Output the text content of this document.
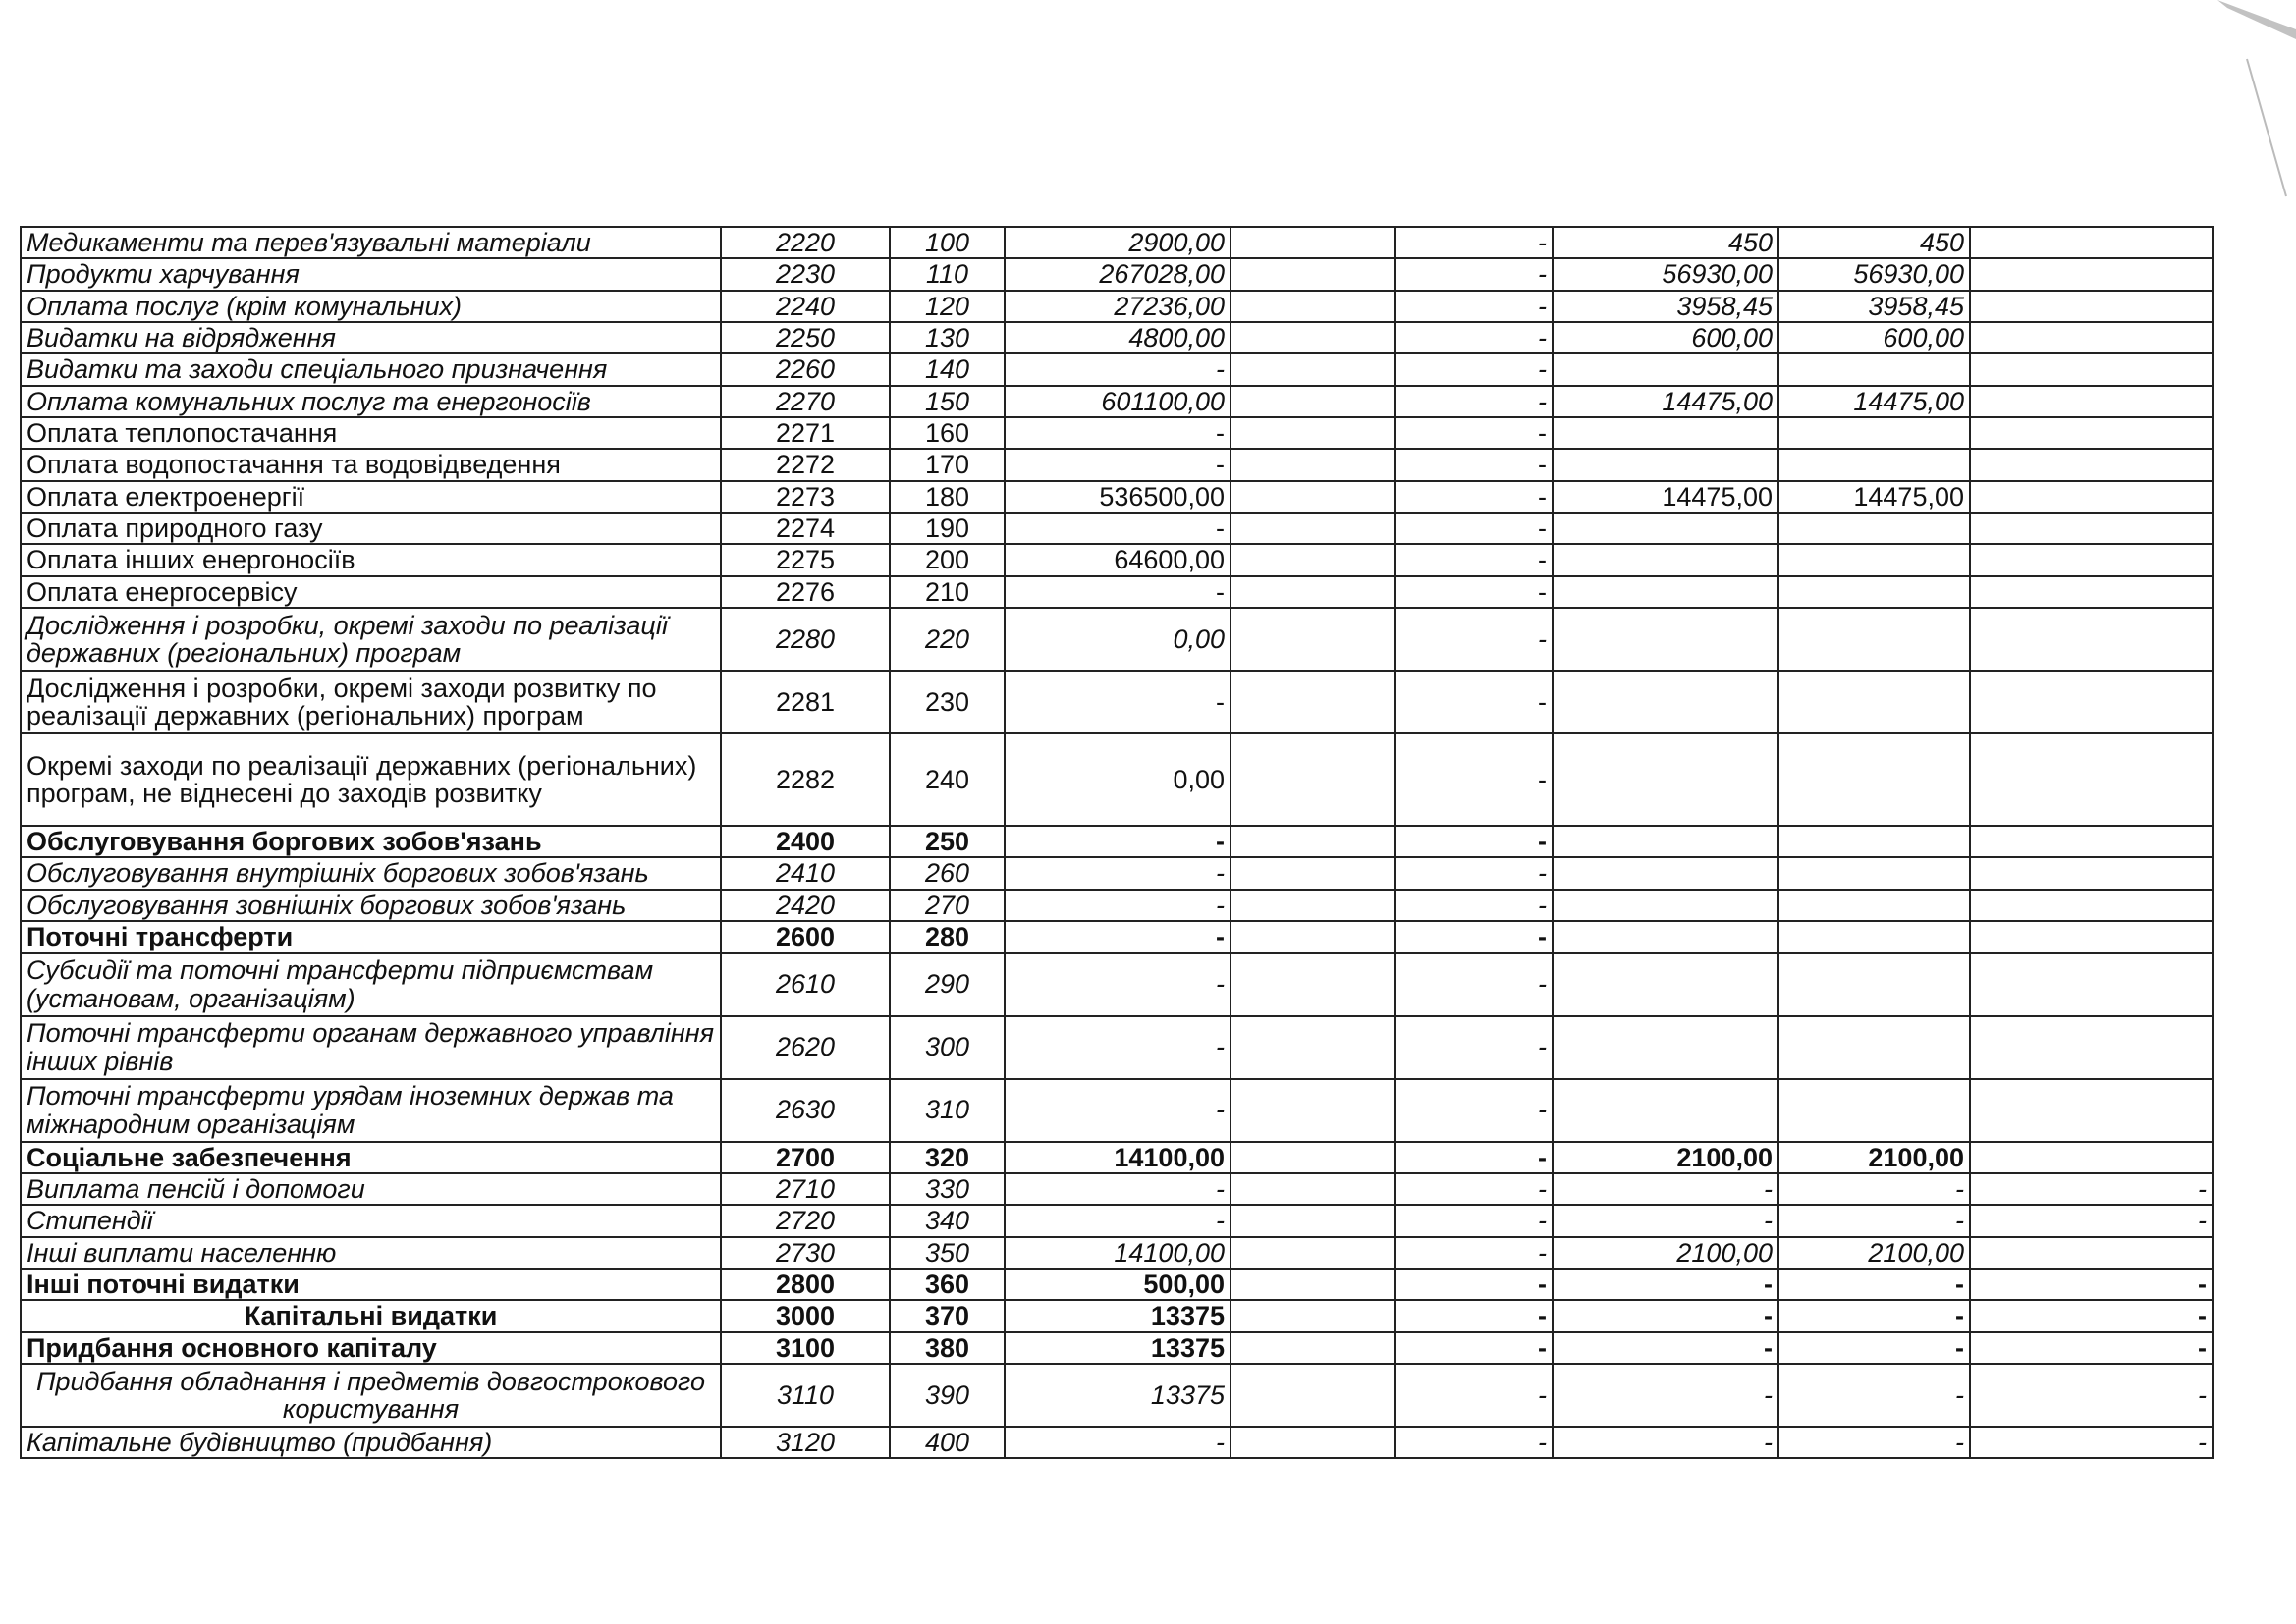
Медикаменти та перев'язувальні матеріали	2220	100	2900,00		-	450	450	
Продукти харчування	2230	110	267028,00		-	56930,00	56930,00	
Оплата послуг (крім комунальних)	2240	120	27236,00		-	3958,45	3958,45	
Видатки на відрядження	2250	130	4800,00		-	600,00	600,00	
Видатки та заходи спеціального призначення	2260	140	-		-			
Оплата комунальних послуг та енергоносіїв	2270	150	601100,00		-	14475,00	14475,00	
Оплата теплопостачання	2271	160	-		-			
Оплата водопостачання та водовідведення	2272	170	-		-			
Оплата електроенергії	2273	180	536500,00		-	14475,00	14475,00	
Оплата природного газу	2274	190	-		-			
Оплата інших енергоносіїв	2275	200	64600,00		-			
Оплата енергосервісу	2276	210	-		-			
Дослідження і розробки, окремі заходи по реалізації державних (регіональних) програм	2280	220	0,00		-			
Дослідження і розробки, окремі заходи розвитку по реалізації державних (регіональних) програм	2281	230	-		-			
Окремі заходи по реалізації державних (регіональних) програм, не віднесені до заходів розвитку	2282	240	0,00		-			
Обслуговування боргових зобов'язань	2400	250	-		-			
Обслуговування внутрішніх боргових зобов'язань	2410	260	-		-			
Обслуговування зовнішніх боргових зобов'язань	2420	270	-		-			
Поточні трансферти	2600	280	-		-			
Субсидії та поточні трансферти підприємствам (установам, організаціям)	2610	290	-		-			
Поточні трансферти органам державного управління інших рівнів	2620	300	-		-			
Поточні трансферти урядам іноземних держав та міжнародним організаціям	2630	310	-		-			
Соціальне забезпечення	2700	320	14100,00		-	2100,00	2100,00	
Виплата пенсій і допомоги	2710	330	-		-	-	-	-
Стипендії	2720	340	-		-	-	-	-
Інші виплати населенню	2730	350	14100,00		-	2100,00	2100,00	
Інші поточні видатки	2800	360	500,00		-	-	-	-
Капітальні видатки	3000	370	13375		-	-	-	-
Придбання основного капіталу	3100	380	13375		-	-	-	-
Придбання обладнання і предметів довгострокового користування	3110	390	13375		-	-	-	-
Капітальне будівництво (придбання)	3120	400	-		-	-	-	-
